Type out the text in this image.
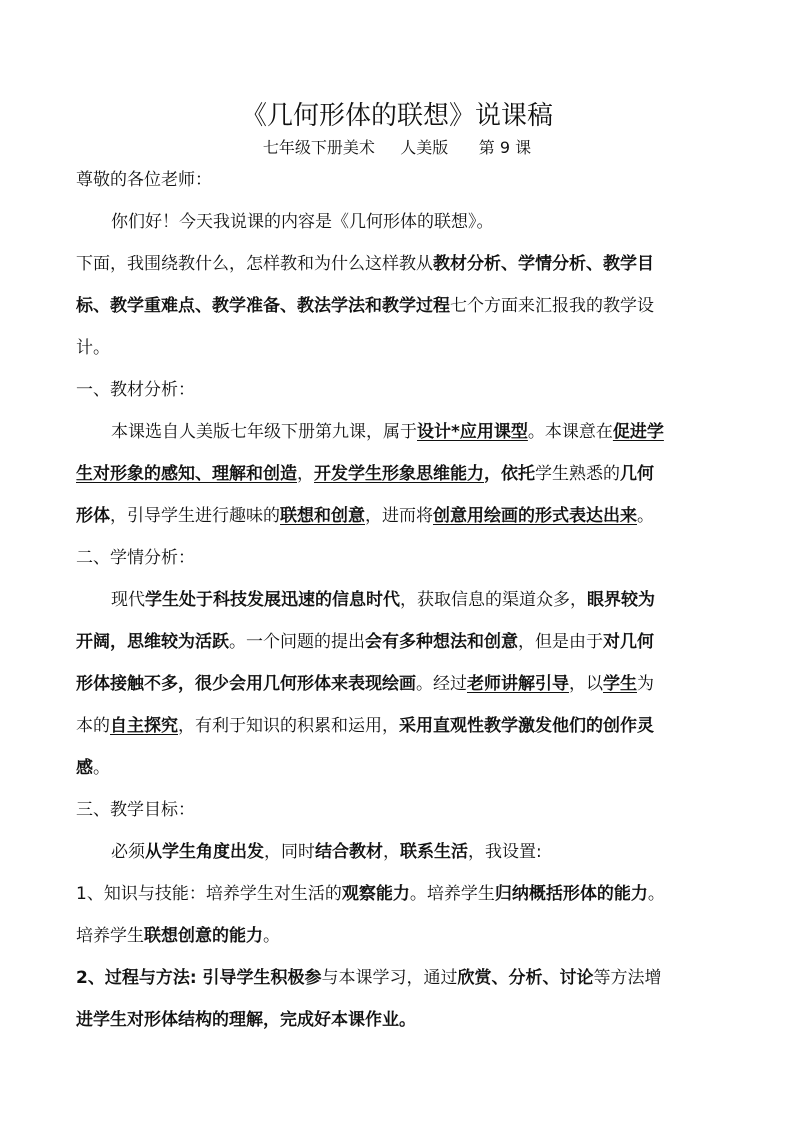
《几何形体的联想》说课稿
七年级下册美术     人美版      第 9 课
尊敬的各位老师：
你们好！今天我说课的内容是《几何形体的联想》。
下面，我围绕教什么，怎样教和为什么这样教从教材分析、学情分析、教学目
标、教学重难点、教学准备、教法学法和教学过程七个方面来汇报我的教学设
计。
一、教材分析：
本课选自人美版七年级下册第九课，属于设计*应用课型。本课意在促进学
生对形象的感知、理解和创造，开发学生形象思维能力，依托学生熟悉的几何
形体，引导学生进行趣味的联想和创意，进而将创意用绘画的形式表达出来。
二、学情分析：
现代学生处于科技发展迅速的信息时代，获取信息的渠道众多，眼界较为
开阔，思维较为活跃。一个问题的提出会有多种想法和创意，但是由于对几何
形体接触不多，很少会用几何形体来表现绘画。经过老师讲解引导，以学生为
本的自主探究，有利于知识的积累和运用，采用直观性教学激发他们的创作灵
感。
三、教学目标：
必须从学生角度出发，同时结合教材，联系生活，我设置:
1、知识与技能：培养学生对生活的观察能力。培养学生归纳概括形体的能力。
培养学生联想创意的能力。
2、过程与方法: 引导学生积极参与本课学习，通过欣赏、分析、讨论等方法增
进学生对形体结构的理解，完成好本课作业。
